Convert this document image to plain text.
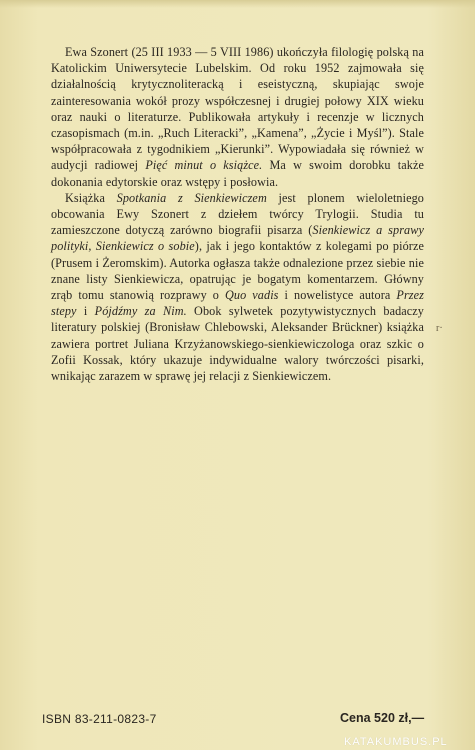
Ewa Szonert (25 III 1933 — 5 VIII 1986) ukończyła filologię polską na Katolickim Uniwersytecie Lubelskim. Od roku 1952 zajmowała się działalnością krytycznoliteracką i eseistyczną, skupiając swoje zainteresowania wokół prozy współczesnej i drugiej połowy XIX wieku oraz nauki o literaturze. Publikowała artykuły i recenzje w licznych czasopismach (m.in. „Ruch Literacki”, „Kamena”, „Życie i Myśl”). Stale współpracowała z tygodnikiem „Kierunki”. Wypowiadała się również w audycji radiowej Pięć minut o książce. Ma w swoim dorobku także dokonania edytorskie oraz wstępy i posłowia.

Książka Spotkania z Sienkiewiczem jest plonem wieloletniego obcowania Ewy Szonert z dziełem twórcy Trylogii. Studia tu zamieszczone dotyczą zarówno biografii pisarza (Sienkiewicz a sprawy polityki, Sienkiewicz o sobie), jak i jego kontaktów z kolegami po piórze (Prusem i Żeromskim). Autorka ogłasza także odnalezione przez siebie nie znane listy Sienkiewicza, opatrując je bogatym komentarzem. Główny zrąb tomu stanowią rozprawy o Quo vadis i nowelistyce autora Przez stepy i Pójdźmy za Nim. Obok sylwetek pozytywistycznych badaczy literatury polskiej (Bronisław Chlebowski, Aleksander Brückner) książka zawiera portret Juliana Krzyżanowskiego-sienkiewiczologa oraz szkic o Zofii Kossak, który ukazuje indywidualne walory twórczości pisarki, wnikając zarazem w sprawę jej relacji z Sienkiewiczem.

r·
ISBN 83-211-0823-7	Cena 520 zł,—
KATAKUMBUS.PL
